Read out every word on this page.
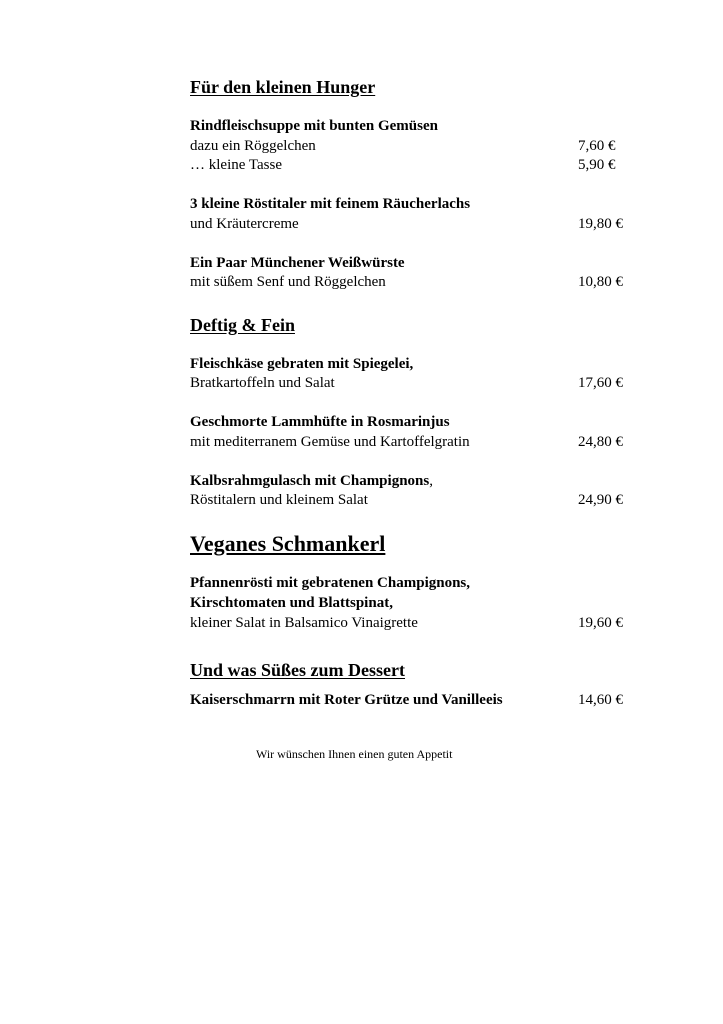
Für den kleinen Hunger
Rindfleischsuppe mit bunten Gemüsen
dazu ein Röggelchen	7,60 €
… kleine Tasse	5,90 €
3 kleine Röstitaler mit feinem Räucherlachs
und Kräutercreme	19,80 €
Ein Paar Münchener Weißwürste
mit süßem Senf und Röggelchen	10,80 €
Deftig & Fein
Fleischkäse gebraten mit Spiegelei,
Bratkartoffeln und Salat	17,60 €
Geschmorte Lammhüfte in Rosmarinjus
mit mediterranem Gemüse und Kartoffelgratin	24,80 €
Kalbsrahmgulasch mit Champignons,
Röstitalern und kleinem Salat	24,90 €
Veganes Schmankerl
Pfannenrösti mit gebratenen Champignons,
Kirschtomaten und Blattspinat,
kleiner Salat in Balsamico Vinaigrette	19,60 €
Und was Süßes zum Dessert
Kaiserschmarrn mit Roter Grütze und Vanilleeis	14,60 €
Wir wünschen Ihnen einen guten Appetit
